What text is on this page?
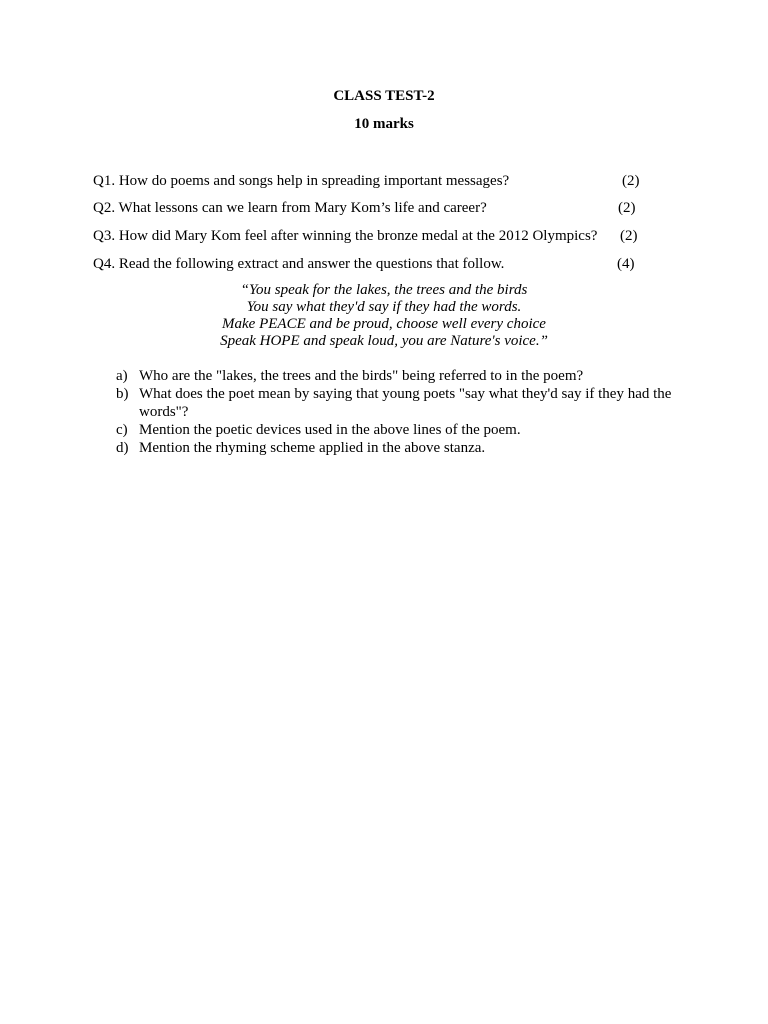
CLASS TEST-2
10 marks
Q1. How do poems and songs help in spreading important messages?	(2)
Q2. What lessons can we learn from Mary Kom’s life and career?	(2)
Q3. How did Mary Kom feel after winning the bronze medal at the 2012 Olympics? (2)
Q4. Read the following extract and answer the questions that follow.	(4)
“You speak for the lakes, the trees and the birds
You say what they'd say if they had the words.
Make PEACE and be proud, choose well every choice
Speak HOPE and speak loud, you are Nature's voice.”
a) Who are the "lakes, the trees and the birds" being referred to in the poem?
b) What does the poet mean by saying that young poets "say what they'd say if they had the words"?
c) Mention the poetic devices used in the above lines of the poem.
d) Mention the rhyming scheme applied in the above stanza.
